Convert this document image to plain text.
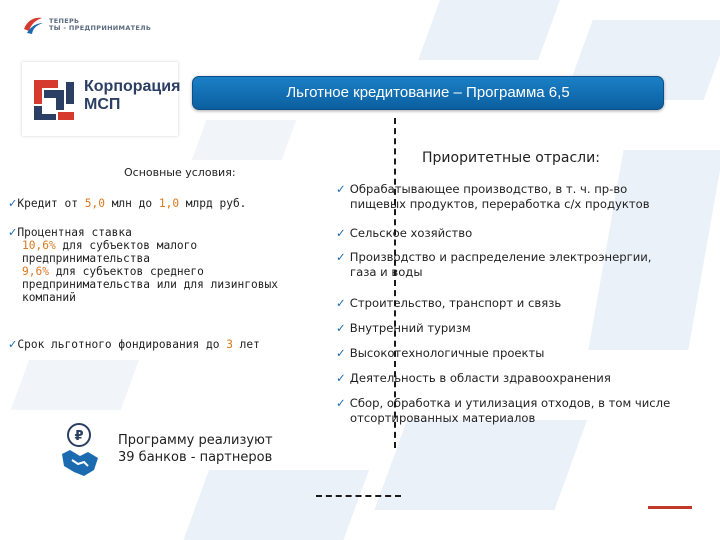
ТЕПЕРЬ
ТЫ - ПРЕДПРИНИМАТЕЛЬ
Корпорация
МСП
Льготное кредитование – Программа 6,5
Основные условия:
✓Кредит от 5,0 млн до 1,0 млрд руб.
✓Процентная ставка
10,6% для субъектов малого
предпринимательства
9,6% для субъектов среднего
предпринимательства или для лизинговых
компаний
✓Срок льготного фондирования до 3 лет
₽	Программу реализуют
39 банков - партнеров
Приоритетные отрасли:
✓ Обрабатывающее производство, в т. ч. пр-во
пищевых продуктов, переработка с/х продуктов
✓ Сельское хозяйство
✓ Производство и распределение электроэнергии,
газа и воды
✓ Строительство, транспорт и связь
✓ Внутренний туризм
✓ Высокотехнологичные проекты
✓ Деятельность в области здравоохранения
✓ Сбор, обработка и утилизация отходов, в том числе
отсортированных материалов
